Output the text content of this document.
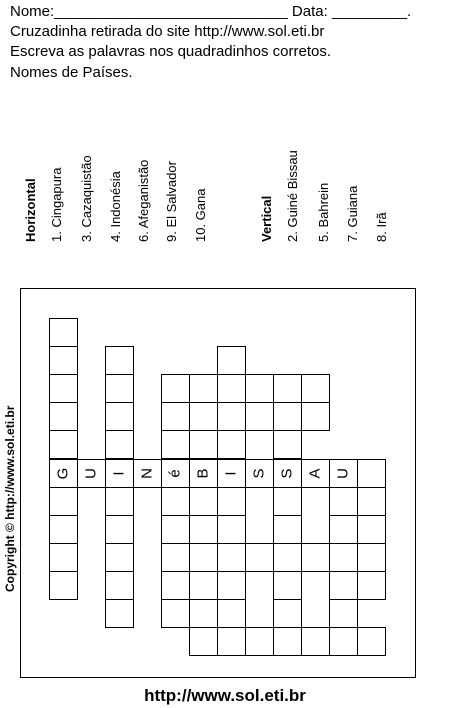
Nome:____________________________ Data: _________.
Cruzadinha retirada do site http://www.sol.eti.br
Escreva as palavras nos quadradinhos corretos.
Nomes de Países.
Horizontal 1. Cingapura 3. Cazaquistão 4. Indonésia 6. Afeganistão 9. El Salvador 10. Gana	Vertical 2. Guiné Bissau 5. Bahrein 7. Guiana 8. Irã
G U I N é B I S S A U
Copyright © http://www.sol.eti.br
http://www.sol.eti.br
